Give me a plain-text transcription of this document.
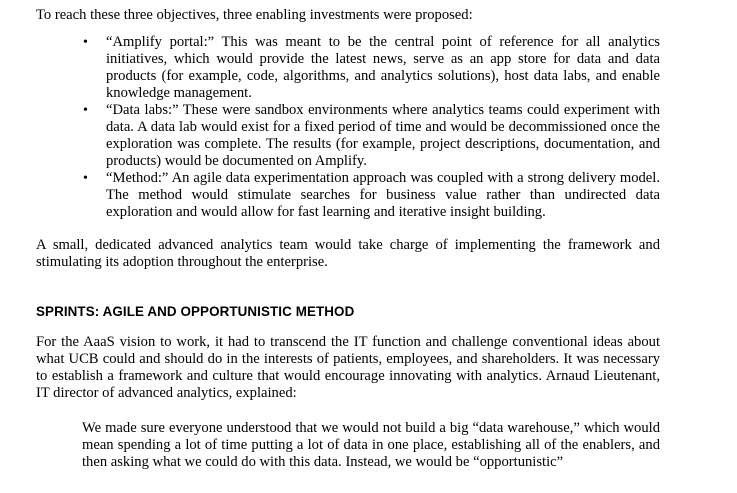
To reach these three objectives, three enabling investments were proposed:

• “Amplify portal:” This was meant to be the central point of reference for all analytics initiatives, which would provide the latest news, serve as an app store for data and data products (for example, code, algorithms, and analytics solutions), host data labs, and enable knowledge management.
• “Data labs:” These were sandbox environments where analytics teams could experiment with data. A data lab would exist for a fixed period of time and would be decommissioned once the exploration was complete. The results (for example, project descriptions, documentation, and products) would be documented on Amplify.
• “Method:” An agile data experimentation approach was coupled with a strong delivery model. The method would stimulate searches for business value rather than undirected data exploration and would allow for fast learning and iterative insight building.

A small, dedicated advanced analytics team would take charge of implementing the framework and stimulating its adoption throughout the enterprise.

SPRINTS: AGILE AND OPPORTUNISTIC METHOD

For the AaaS vision to work, it had to transcend the IT function and challenge conventional ideas about what UCB could and should do in the interests of patients, employees, and shareholders. It was necessary to establish a framework and culture that would encourage innovating with analytics. Arnaud Lieutenant, IT director of advanced analytics, explained:

We made sure everyone understood that we would not build a big “data warehouse,” which would mean spending a lot of time putting a lot of data in one place, establishing all of the enablers, and then asking what we could do with this data. Instead, we would be “opportunistic”
